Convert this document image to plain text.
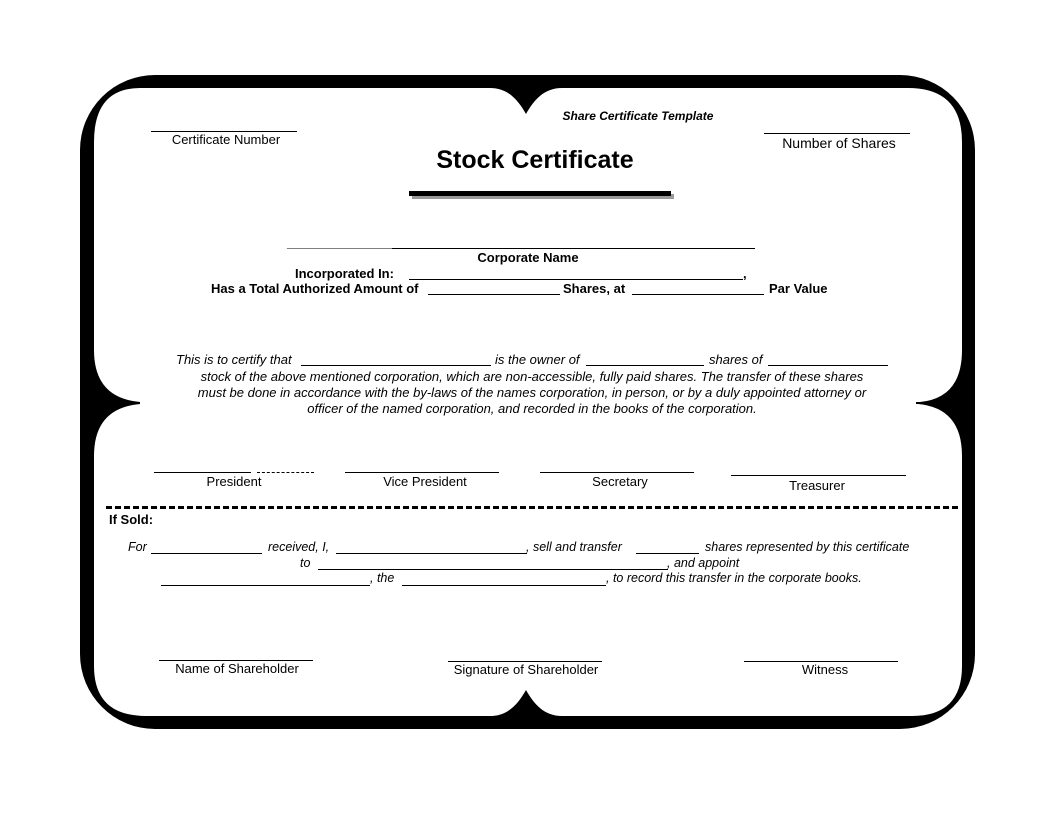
Share Certificate Template
Certificate Number	Number of Shares
Stock Certificate
_______________
Corporate Name
Incorporated In:	,
Has a Total Authorized Amount of	Shares, at	Par Value
This is to certify that	is the owner of	shares of
stock of the above mentioned corporation, which are non-accessible, fully paid shares. The transfer of these shares
must be done in accordance with the by-laws of the names corporation, in person, or by a duly appointed attorney or
officer of the named corporation, and recorded in the books of the corporation.
President	Vice President	Secretary	Treasurer
If Sold:
For	received, I,	, sell and transfer	shares represented by this certificate
to	, and appoint
, the	, to record this transfer in the corporate books.
Name of Shareholder	Signature of Shareholder	Witness
